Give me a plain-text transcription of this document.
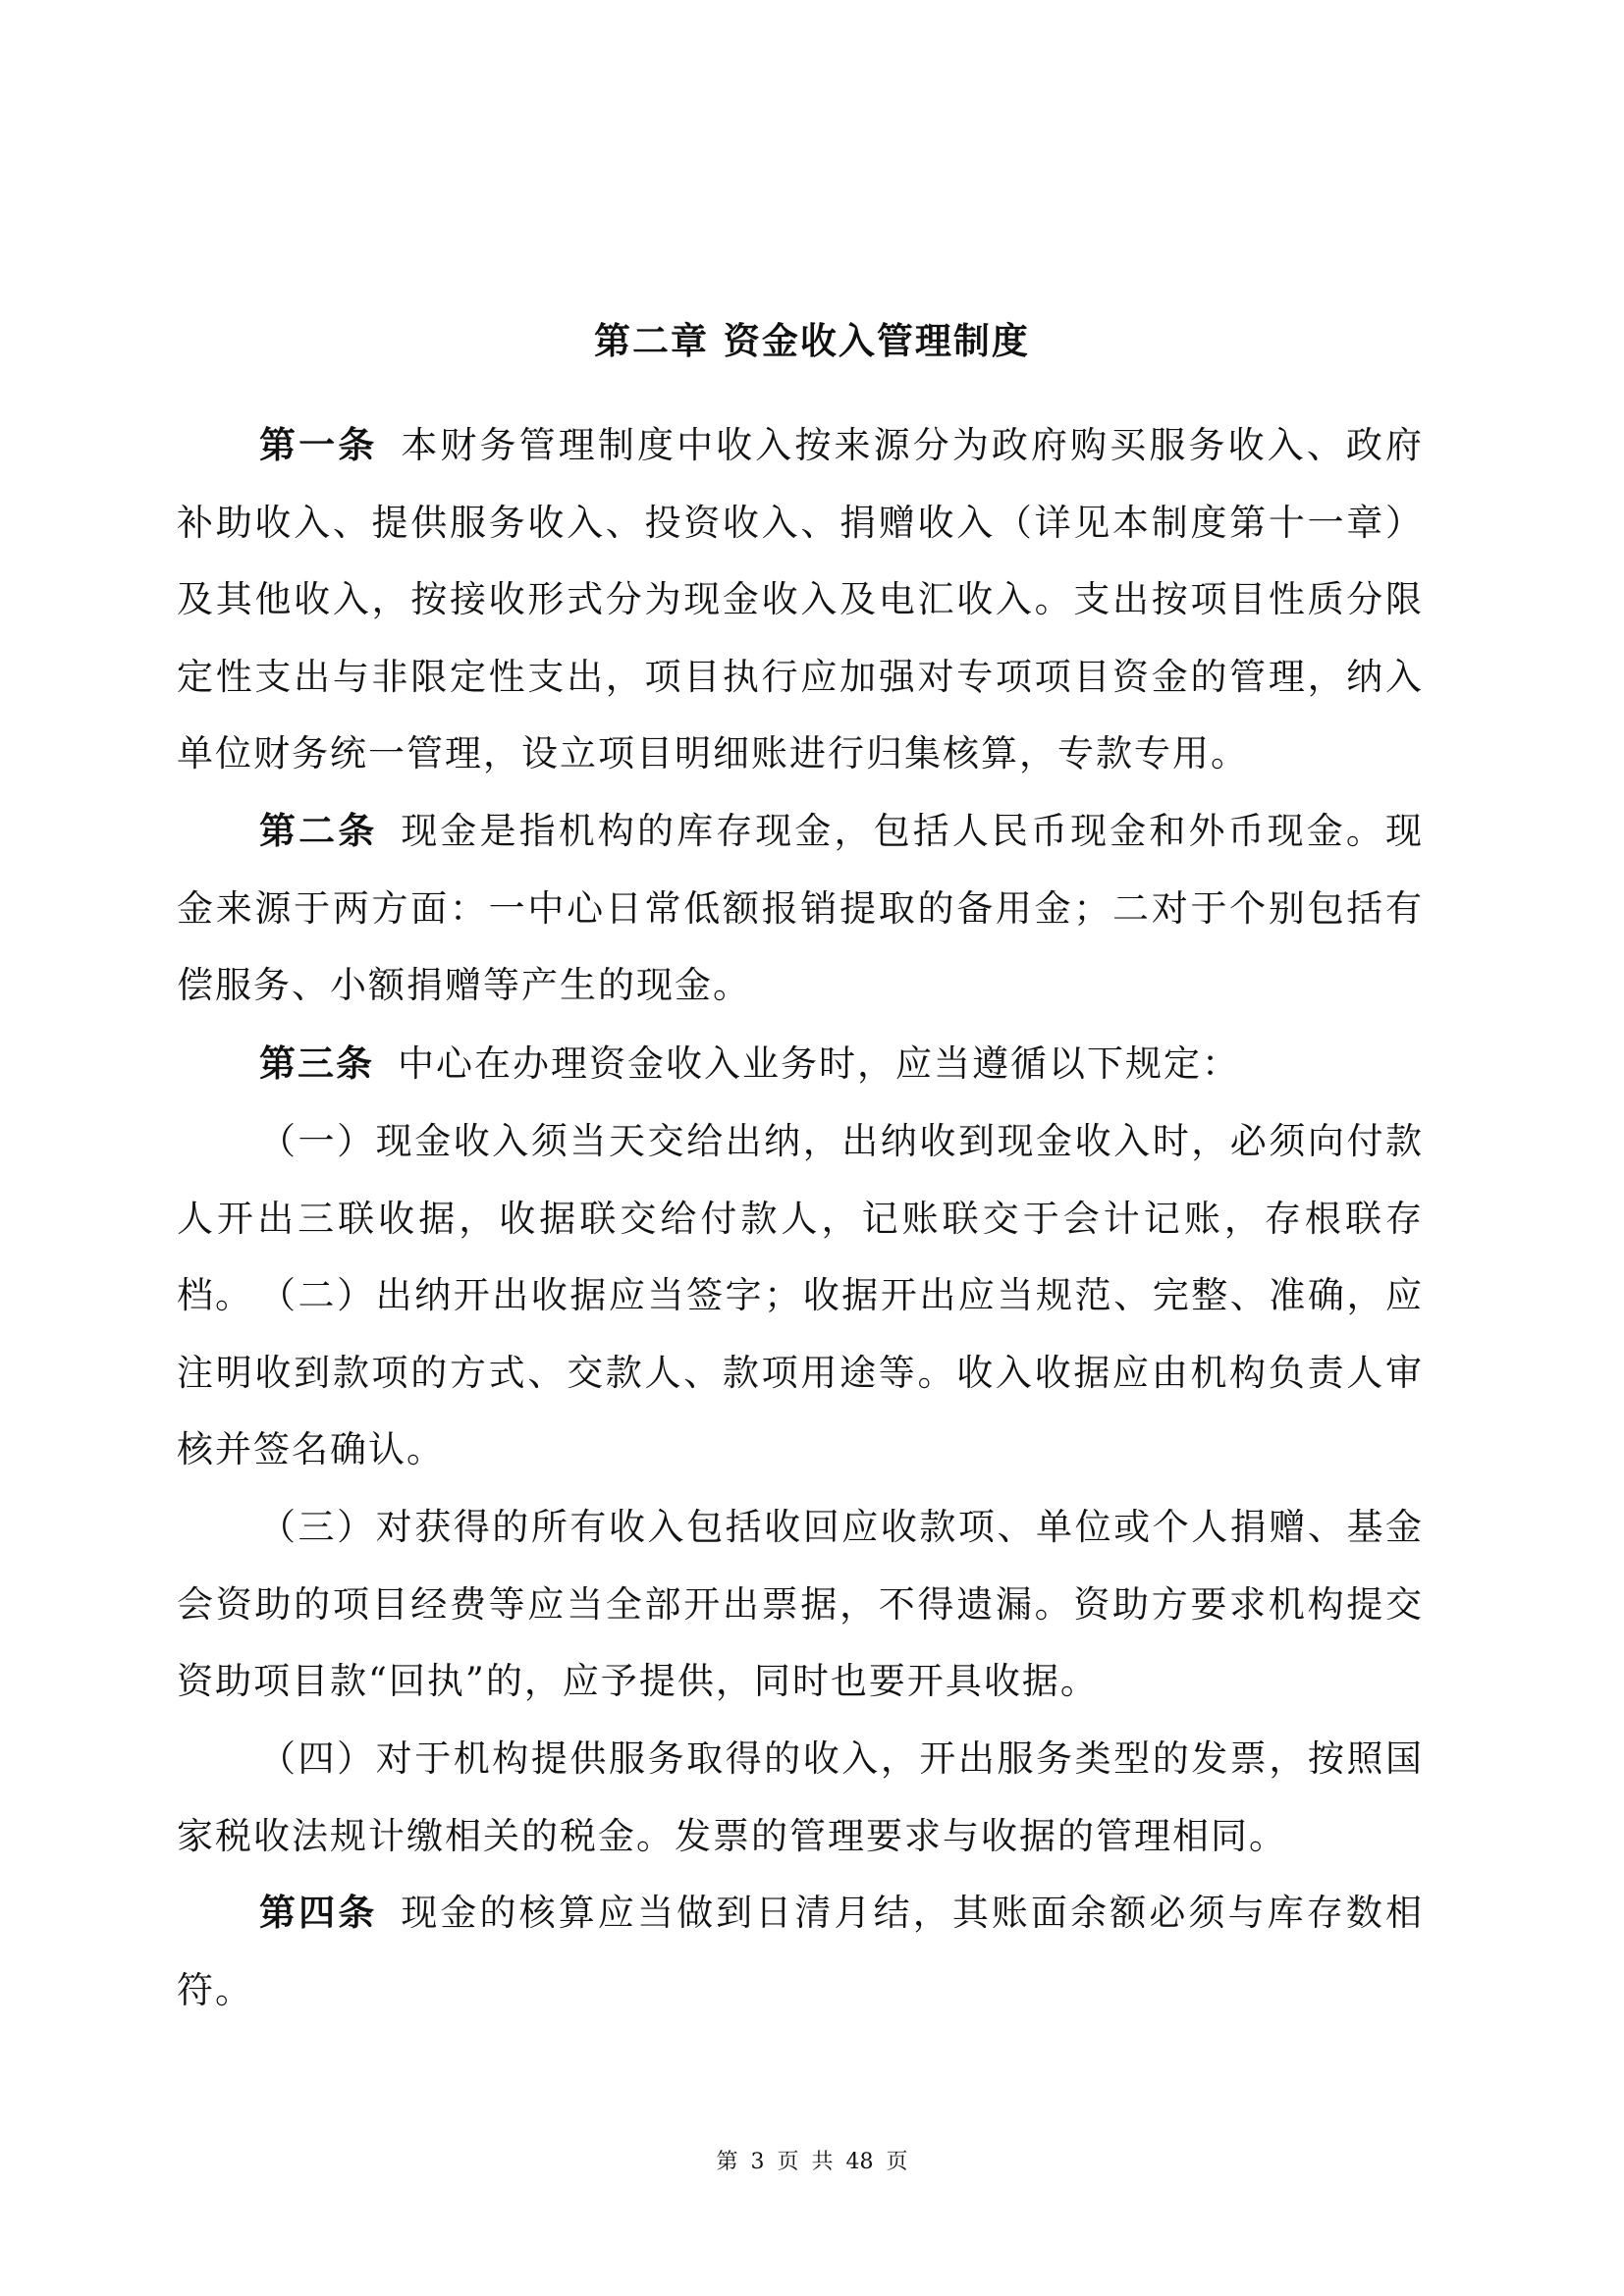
第二章 资金收入管理制度

第一条 本财务管理制度中收入按来源分为政府购买服务收入、政府补助收入、提供服务收入、投资收入、捐赠收入（详见本制度第十一章）及其他收入，按接收形式分为现金收入及电汇收入。支出按项目性质分限定性支出与非限定性支出，项目执行应加强对专项项目资金的管理，纳入单位财务统一管理，设立项目明细账进行归集核算，专款专用。

第二条 现金是指机构的库存现金，包括人民币现金和外币现金。现金来源于两方面：一中心日常低额报销提取的备用金；二对于个别包括有偿服务、小额捐赠等产生的现金。

第三条 中心在办理资金收入业务时，应当遵循以下规定：

（一）现金收入须当天交给出纳，出纳收到现金收入时，必须向付款人开出三联收据，收据联交给付款人，记账联交于会计记账，存根联存档。 （二）出纳开出收据应当签字；收据开出应当规范、完整、准确，应注明收到款项的方式、交款人、款项用途等。收入收据应由机构负责人审核并签名确认。

（三）对获得的所有收入包括收回应收款项、单位或个人捐赠、基金会资助的项目经费等应当全部开出票据，不得遗漏。资助方要求机构提交资助项目款“回执”的，应予提供，同时也要开具收据。

（四）对于机构提供服务取得的收入，开出服务类型的发票，按照国家税收法规计缴相关的税金。发票的管理要求与收据的管理相同。

第四条 现金的核算应当做到日清月结，其账面余额必须与库存数相符。

第 3 页 共 48 页
